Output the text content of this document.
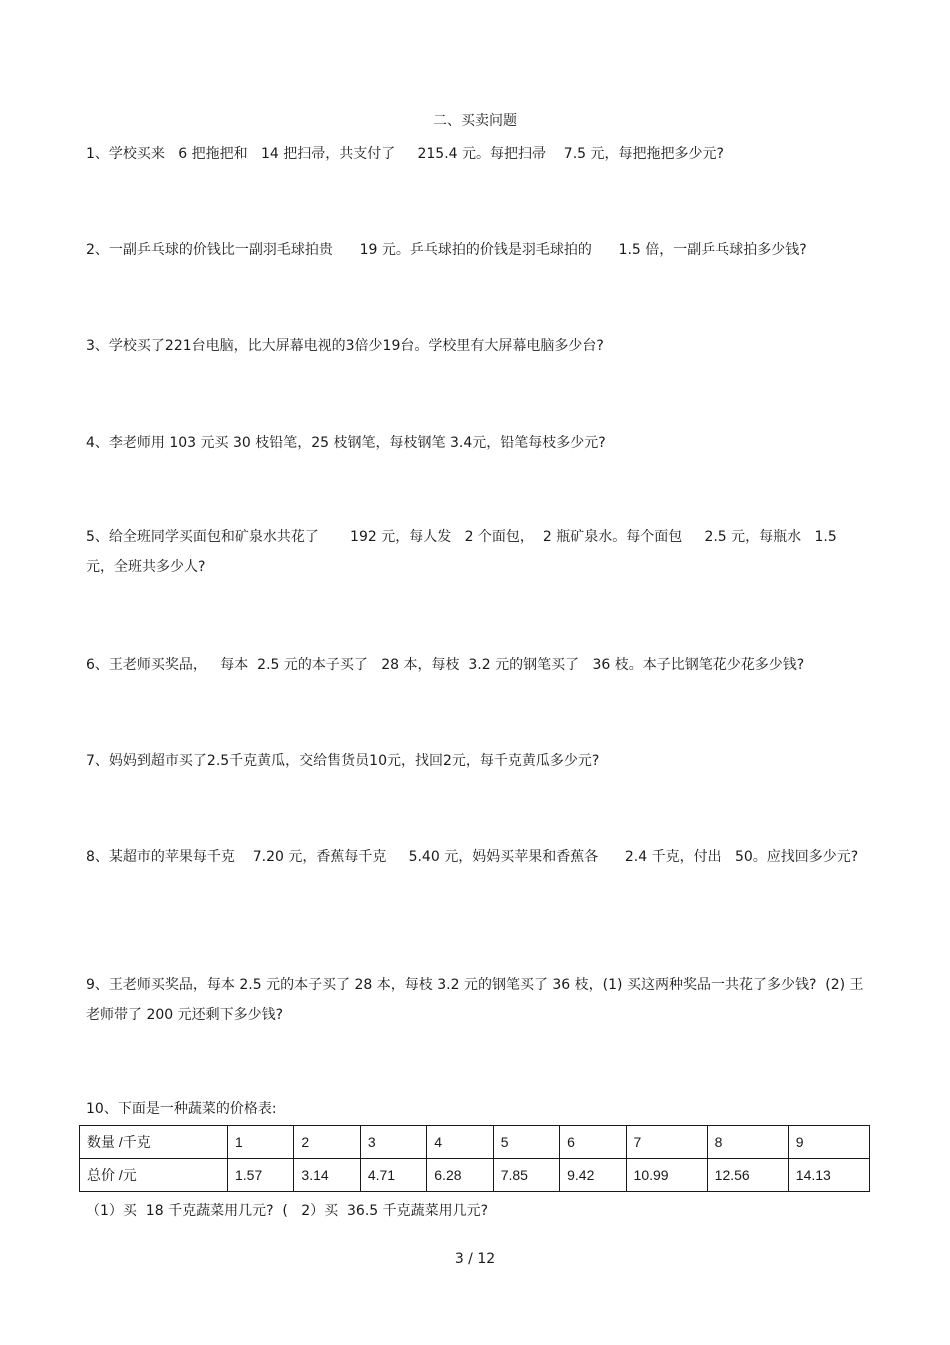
二、买卖问题
1、学校买来   6 把拖把和   14 把扫帚，共支付了     215.4 元。每把扫帚    7.5 元，每把拖把多少元?
2、一副乒乓球的价钱比一副羽毛球拍贵      19 元。乒乓球拍的价钱是羽毛球拍的      1.5 倍，一副乒乓球拍多少钱?
3、学校买了221台电脑，比大屏幕电视的3倍少19台。学校里有大屏幕电脑多少台?
4、李老师用 103 元买 30 枝铅笔，25 枝钢笔，每枝钢笔 3.4元，铅笔每枝多少元?
5、给全班同学买面包和矿泉水共花了       192 元，每人发   2 个面包，  2 瓶矿泉水。每个面包     2.5 元，每瓶水   1.5 元，全班共多少人?
6、王老师买奖品，   每本  2.5 元的本子买了   28 本，每枝  3.2 元的钢笔买了   36 枝。本子比钢笔花少花多少钱?
7、妈妈到超市买了2.5千克黄瓜，交给售货员10元，找回2元，每千克黄瓜多少元?
8、某超市的苹果每千克    7.20 元，香蕉每千克     5.40 元，妈妈买苹果和香蕉各      2.4 千克，付出   50。应找回多少元?
9、王老师买奖品，每本 2.5 元的本子买了 28 本，每枝 3.2 元的钢笔买了 36 枝，(1) 买这两种奖品一共花了多少钱?  (2) 王老师带了 200 元还剩下多少钱?
10、下面是一种蔬菜的价格表:
数量 /千克	1	2	3	4	5	6	7	8	9
总价 /元	1.57	3.14	4.71	6.28	7.85	9.42	10.99	12.56	14.13
（1）买  18 千克蔬菜用几元?  (   2）买  36.5 千克蔬菜用几元?
3 / 12
